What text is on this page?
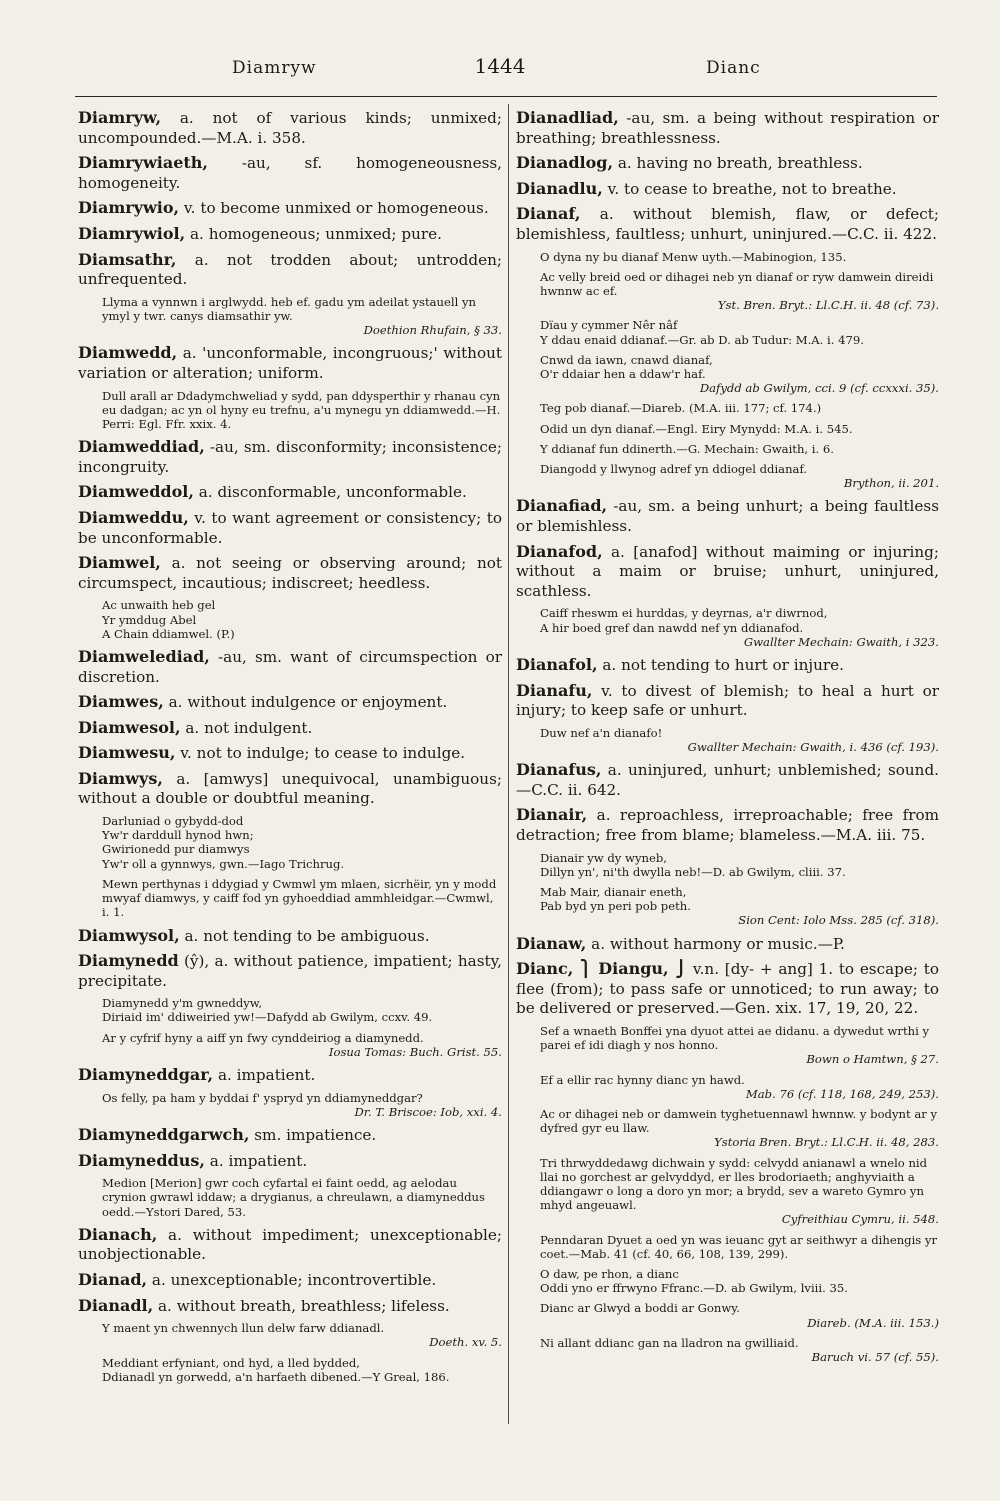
Diamryw	1444	Dianc

Diamryw, a. not of various kinds; unmixed; uncompounded.—M.A. i. 358.

Diamrywiaeth, -au, sf. homogeneousness, homogeneity.

Diamrywio, v. to become unmixed or homogeneous.

Diamrywiol, a. homogeneous; unmixed; pure.

Diamsathr, a. not trodden about; untrodden; unfrequented.

Llyma a vynnwn i arglwydd. heb ef. gadu ym adeilat ystauell yn ymyl y twr. canys diamsathir yw.
Doethion Rhufain, § 33.

Diamwedd, a. 'unconformable, incongruous;' without variation or alteration; uniform.

Dull arall ar Ddadymchweliad y sydd, pan ddysperthir y rhanau cyn eu dadgan; ac yn ol hyny eu trefnu, a'u mynegu yn ddiamwedd.—H. Perri: Egl. Ffr. xxix. 4.

Diamweddiad, -au, sm. disconformity; inconsistence; incongruity.

Diamweddol, a. disconformable, unconformable.

Diamweddu, v. to want agreement or consistency; to be unconformable.

Diamwel, a. not seeing or observing around; not circumspect, incautious; indiscreet; heedless.

Ac unwaith heb gel
Yr ymddug Abel
A Chain ddiamwel. (P.)

Diamwelediad, -au, sm. want of circumspection or discretion.

Diamwes, a. without indulgence or enjoyment.

Diamwesol, a. not indulgent.

Diamwesu, v. not to indulge; to cease to indulge.

Diamwys, a. [amwys] unequivocal, unambiguous; without a double or doubtful meaning.

Darluniad o gybydd-dod
Yw'r darddull hynod hwn;
Gwirionedd pur diamwys
Yw'r oll a gynnwys, gwn.—Iago Trichrug.
Mewn perthynas i ddygiad y Cwmwl ym mlaen, sicrhëir, yn y modd mwyaf diamwys, y caiff fod yn gyhoeddiad ammhleidgar.—Cwmwl, i. 1.

Diamwysol, a. not tending to be ambiguous.

Diamynedd (ŷ), a. without patience, impatient; hasty, precipitate.

Diamynedd y'm gwneddyw,
Diriaid im' ddiweiried yw!—Dafydd ab Gwilym, ccxv. 49.
Ar y cyfrif hyny a aiff yn fwy cynddeiriog a diamynedd.
Iosua Tomas: Buch. Grist. 55.

Diamyneddgar, a. impatient.

Os felly, pa ham y byddai f' yspryd yn ddiamyneddgar?
Dr. T. Briscoe: Iob, xxi. 4.

Diamyneddgarwch, sm. impatience.

Diamyneddus, a. impatient.

Medion [Merion] gwr coch cyfartal ei faint oedd, ag aelodau crynion gwrawl iddaw; a drygianus, a chreulawn, a diamyneddus oedd.—Ystori Dared, 53.

Dianach, a. without impediment; unexceptionable; unobjectionable.

Dianad, a. unexceptionable; incontrovertible.

Dianadl, a. without breath, breathless; lifeless.

Y maent yn chwennych llun delw farw ddianadl.
Doeth. xv. 5.
Meddiant erfyniant, ond hyd, a lled bydded,
Ddianadl yn gorwedd, a'n harfaeth dibened.—Y Greal, 186.

Dianadliad, -au, sm. a being without respiration or breathing; breathlessness.

Dianadlog, a. having no breath, breathless.

Dianadlu, v. to cease to breathe, not to breathe.

Dianaf, a. without blemish, flaw, or defect; blemishless, faultless; unhurt, uninjured.—C.C. ii. 422.

O dyna ny bu dianaf Menw uyth.—Mabinogion, 135.
Ac velly breid oed or dihagei neb yn dianaf or ryw damwein direidi hwnnw ac ef.
Yst. Bren. Bryt.: Ll.C.H. ii. 48 (cf. 73).
Dïau y cymmer Nêr nâf
Y ddau enaid ddianaf.—Gr. ab D. ab Tudur: M.A. i. 479.
Cnwd da iawn, cnawd dianaf,
O'r ddaiar hen a ddaw'r haf.
Dafydd ab Gwilym, cci. 9 (cf. ccxxxi. 35).
Teg pob dianaf.—Diareb. (M.A. iii. 177; cf. 174.)
Odid un dyn dianaf.—Engl. Eiry Mynydd: M.A. i. 545.
Y ddianaf fun ddinerth.—G. Mechain: Gwaith, i. 6.
Diangodd y llwynog adref yn ddiogel ddianaf.
Brython, ii. 201.

Dianafiad, -au, sm. a being unhurt; a being faultless or blemishless.

Dianafod, a. [anafod] without maiming or injuring; without a maim or bruise; unhurt, uninjured, scathless.

Caiff rheswm ei hurddas, y deyrnas, a'r diwrnod,
A hir boed gref dan nawdd nef yn ddianafod.
Gwallter Mechain: Gwaith, i 323.

Dianafol, a. not tending to hurt or injure.

Dianafu, v. to divest of blemish; to heal a hurt or injury; to keep safe or unhurt.

Duw nef a'n dianafo!
Gwallter Mechain: Gwaith, i. 436 (cf. 193).

Dianafus, a. uninjured, unhurt; unblemished; sound.—C.C. ii. 642.

Dianair, a. reproachless, irreproachable; free from detraction; free from blame; blameless.—M.A. iii. 75.

Dianair yw dy wyneb,
Dillyn yn', ni'th dwylla neb!—D. ab Gwilym, cliii. 37.
Mab Mair, dianair eneth,
Pab byd yn peri pob peth.
Sion Cent: Iolo Mss. 285 (cf. 318).

Dianaw, a. without harmony or music.—P.

Dianc, ⎫ Diangu, ⎭ v.n. [dy- + ang] 1. to escape; to flee (from); to pass safe or unnoticed; to run away; to be delivered or preserved.—Gen. xix. 17, 19, 20, 22.

Sef a wnaeth Bonffei yna dyuot attei ae didanu. a dywedut wrthi y parei ef idi diagh y nos honno.
Bown o Hamtwn, § 27.
Ef a ellir rac hynny dianc yn hawd.
Mab. 76 (cf. 118, 168, 249, 253).
Ac or dihagei neb or damwein tyghetuennawl hwnnw. y bodynt ar y dyfred gyr eu llaw.
Ystoria Bren. Bryt.: Ll.C.H. ii. 48, 283.
Tri thrwyddedawg dichwain y sydd: celvydd anianawl a wnelo nid llai no gorchest ar gelvyddyd, er lles brodoriaeth; anghyviaith a ddiangawr o long a doro yn mor; a brydd, sev a wareto Gymro yn mhyd angeuawl.
Cyfreithiau Cymru, ii. 548.
Penndaran Dyuet a oed yn was ieuanc gyt ar seithwyr a dihengis yr coet.—Mab. 41 (cf. 40, 66, 108, 139, 299).
O daw, pe rhon, a dianc
Oddi yno er ffrwyno Ffranc.—D. ab Gwilym, lviii. 35.
Dianc ar Glwyd a boddi ar Gonwy.
Diareb. (M.A. iii. 153.)
Ni allant ddianc gan na lladron na gwilliaid.
Baruch vi. 57 (cf. 55).
